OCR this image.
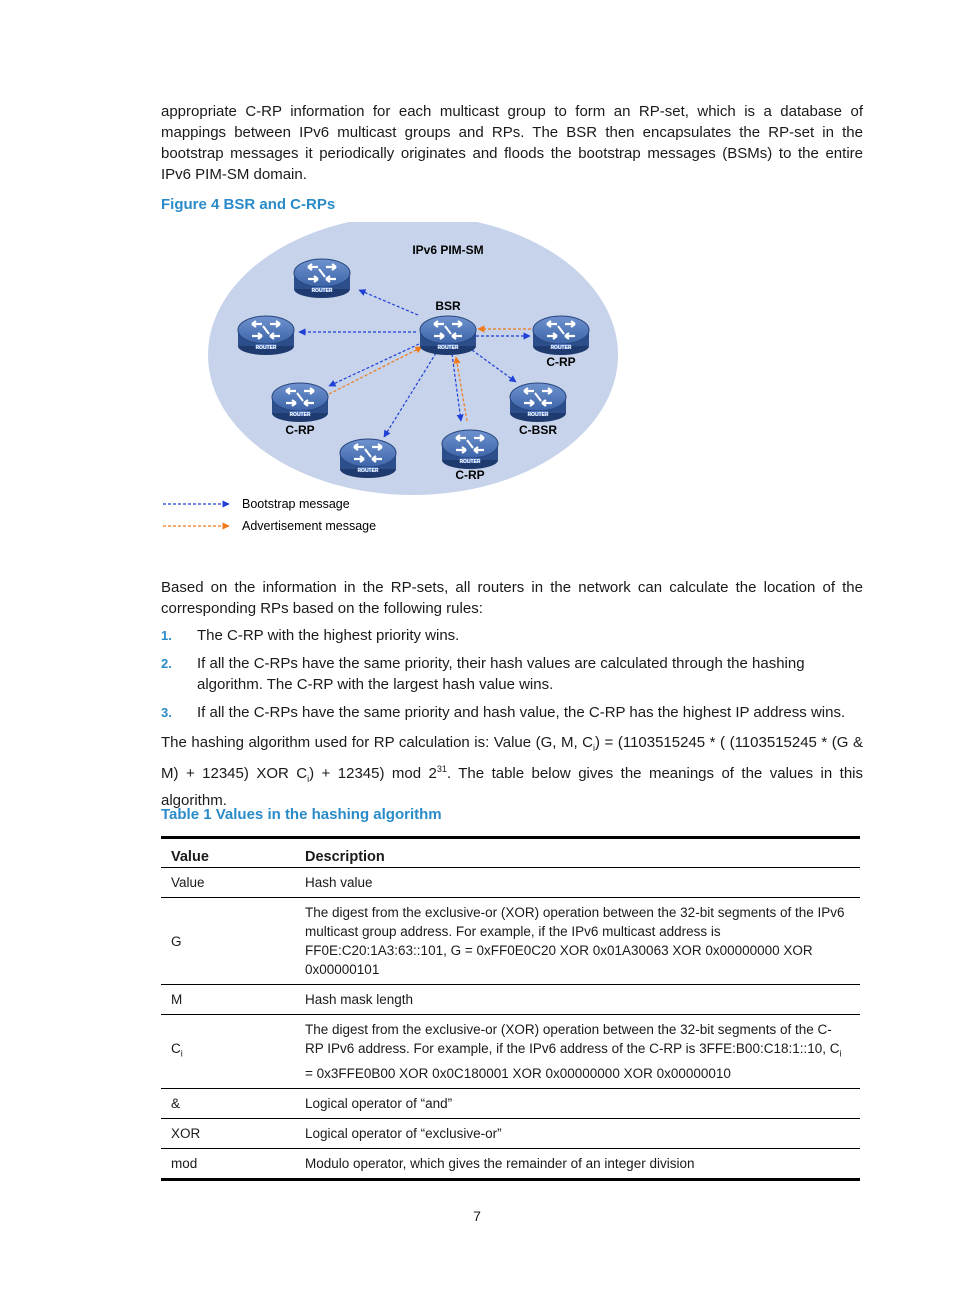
appropriate C-RP information for each multicast group to form an RP-set, which is a database of mappings between IPv6 multicast groups and RPs. The BSR then encapsulates the RP-set in the bootstrap messages it periodically originates and floods the bootstrap messages (BSMs) to the entire IPv6 PIM-SM domain.
Figure 4 BSR and C-RPs
IPv6 PIM-SM
ROUTER
ROUTER	ROUTER	ROUTER
ROUTER	ROUTER
ROUTER
ROUTER
BSR
C-RP
C-RP	C-BSR
C-RP
Bootstrap message
Advertisement message
Based on the information in the RP-sets, all routers in the network can calculate the location of the corresponding RPs based on the following rules:
1. The C-RP with the highest priority wins.
2. If all the C-RPs have the same priority, their hash values are calculated through the hashing algorithm. The C-RP with the largest hash value wins.
3. If all the C-RPs have the same priority and hash value, the C-RP has the highest IP address wins.
The hashing algorithm used for RP calculation is: Value (G, M, $C_i) = (1103515245$ * ( (1103515245 * (G & M) + 12345) XOR $C_i) + 12345$) mod $2^{31}$. The table below gives the meanings of the values in this algorithm.
Table 1 Values in the hashing algorithm
Value	Description
Value	Hash value
G	The digest from the exclusive-or (XOR) operation between the 32-bit segments of the IPv6 multicast group address. For example, if the IPv6 multicast address is FF0E:C20:1A3:63::101, G = 0xFF0E0C20 XOR 0x01A30063 XOR 0x00000000 XOR 0x00000101
M	Hash mask length
$C_i$	The digest from the exclusive-or (XOR) operation between the 32-bit segments of the C-RP IPv6 address. For example, if the IPv6 address of the C-RP is 3FFE:B00:C18:1::10, $C_i = 0x3FFE0B00$ XOR 0x0C180001 XOR 0x00000000 XOR 0x00000010
&	Logical operator of “and”
XOR	Logical operator of “exclusive-or”
mod	Modulo operator, which gives the remainder of an integer division
7
